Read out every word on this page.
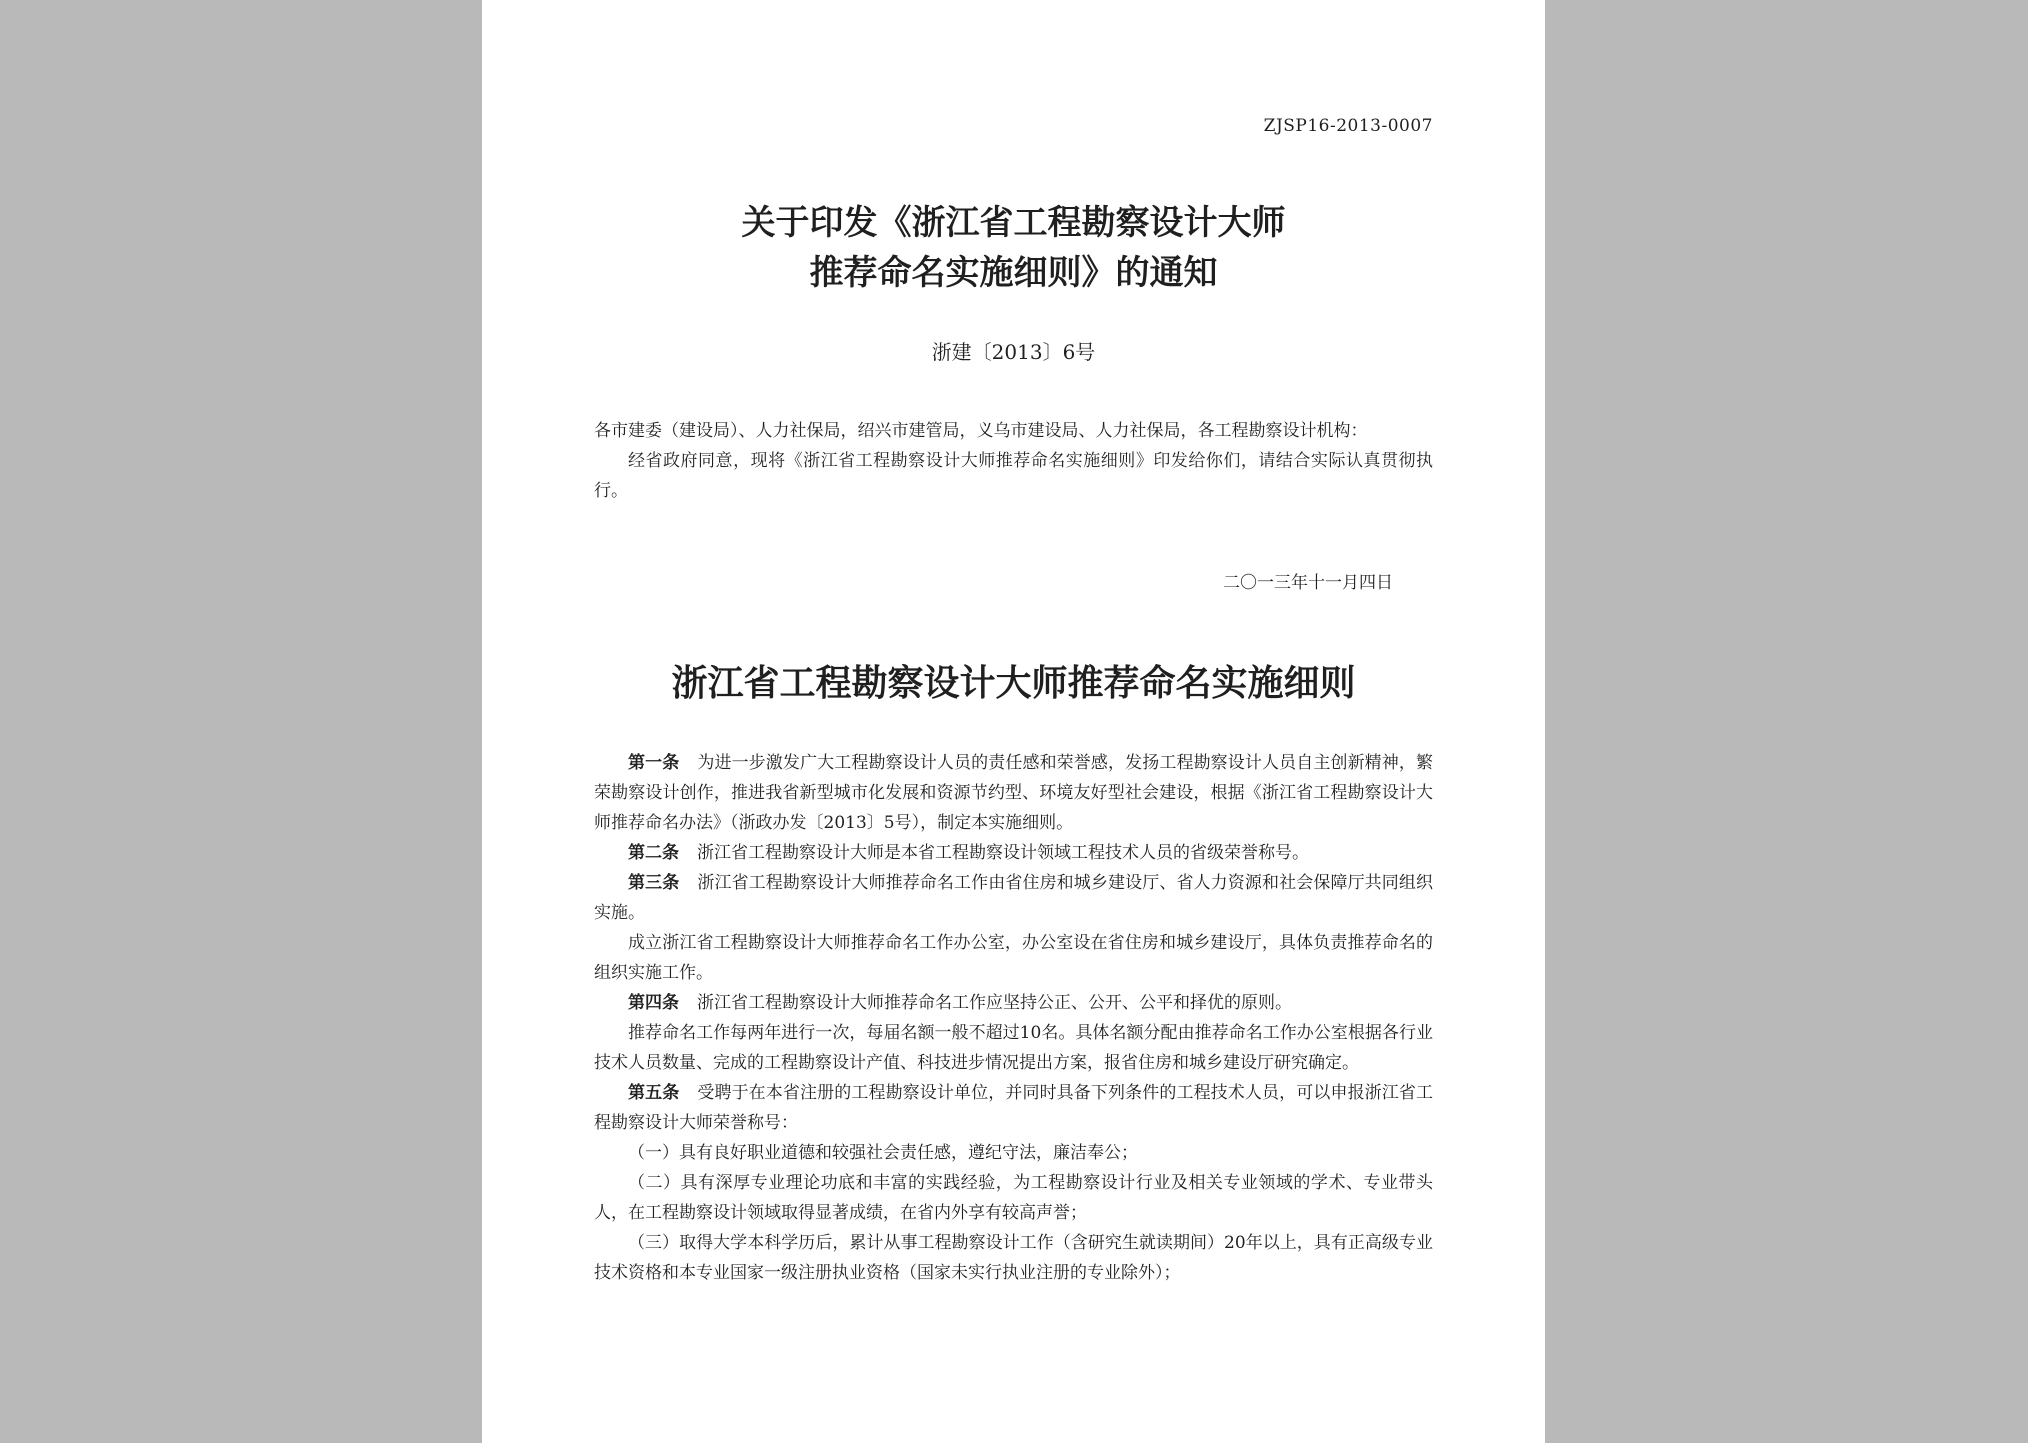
ZJSP16-2013-0007
关于印发《浙江省工程勘察设计大师
推荐命名实施细则》的通知
浙建〔2013〕6号

各市建委（建设局）、人力社保局，绍兴市建管局，义乌市建设局、人力社保局，各工程勘察设计机构：

经省政府同意，现将《浙江省工程勘察设计大师推荐命名实施细则》印发给你们，请结合实际认真贯彻执行。

二〇一三年十一月四日
浙江省工程勘察设计大师推荐命名实施细则

第一条 为进一步激发广大工程勘察设计人员的责任感和荣誉感，发扬工程勘察设计人员自主创新精神，繁荣勘察设计创作，推进我省新型城市化发展和资源节约型、环境友好型社会建设，根据《浙江省工程勘察设计大师推荐命名办法》（浙政办发〔2013〕5号），制定本实施细则。

第二条 浙江省工程勘察设计大师是本省工程勘察设计领域工程技术人员的省级荣誉称号。

第三条 浙江省工程勘察设计大师推荐命名工作由省住房和城乡建设厅、省人力资源和社会保障厅共同组织实施。

成立浙江省工程勘察设计大师推荐命名工作办公室，办公室设在省住房和城乡建设厅，具体负责推荐命名的组织实施工作。

第四条 浙江省工程勘察设计大师推荐命名工作应坚持公正、公开、公平和择优的原则。

推荐命名工作每两年进行一次，每届名额一般不超过10名。具体名额分配由推荐命名工作办公室根据各行业技术人员数量、完成的工程勘察设计产值、科技进步情况提出方案，报省住房和城乡建设厅研究确定。

第五条 受聘于在本省注册的工程勘察设计单位，并同时具备下列条件的工程技术人员，可以申报浙江省工程勘察设计大师荣誉称号：

（一）具有良好职业道德和较强社会责任感，遵纪守法，廉洁奉公；

（二）具有深厚专业理论功底和丰富的实践经验，为工程勘察设计行业及相关专业领域的学术、专业带头人，在工程勘察设计领域取得显著成绩，在省内外享有较高声誉；

（三）取得大学本科学历后，累计从事工程勘察设计工作（含研究生就读期间）20年以上，具有正高级专业技术资格和本专业国家一级注册执业资格（国家未实行执业注册的专业除外）；
